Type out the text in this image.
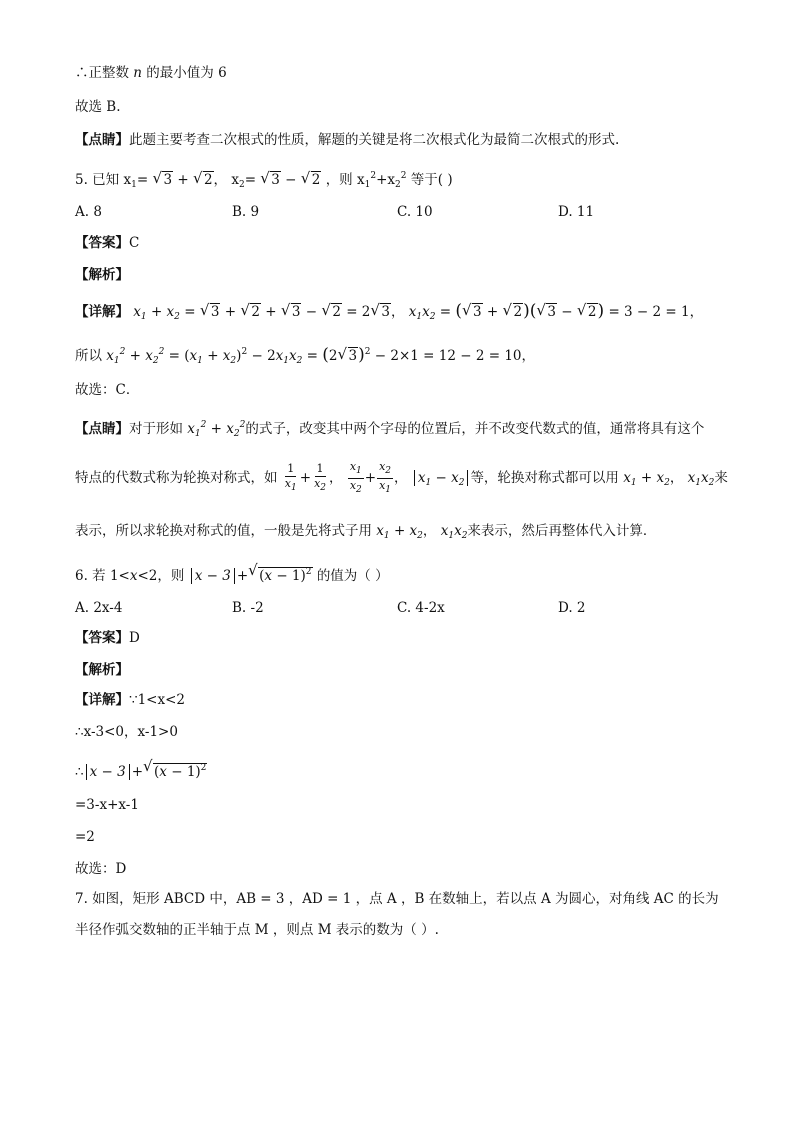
∴正整数 n 的最小值为 6
故选 B.
【点睛】此题主要考查二次根式的性质，解题的关键是将二次根式化为最简二次根式的形式.
5. 已知 $x_1=$ √ 3 + √ 2， $x_2=$ √ 3 − √ 2 ，则 $x_1^2+x_2^2$ 等于( )
A. 8	B. 9	C. 10	D. 11
【答案】C
【解析】
【详解】 $x_1 + x_2$ = √ 3 + √ 2 + √ 3 − √ 2 = 2√ 3， $x_1x_2$ = (√ 3 + √ 2)(√ 3 − √ 2) = 3 − 2 = 1，
所以 $x_1^2 + x_2^2 = (x_1 + x_2)^2 - 2x_1x_2 = (2√$ 3)$^2$ − 2×1 = 12 − 2 = 10，
故选：C．
【点睛】对于形如 $x_1^2 + x_2^2$的式子，改变其中两个字母的位置后，并不改变代数式的值，通常将具有这个
特点的代数式称为轮换对称式，如 $\frac{1}{x_1} + \frac{1}{x_2}$ ， $\frac{x_1}{x_2} + \frac{x_2}{x_1}$ ， $x_1 - x_2$ 等，轮换对称式都可以用 $x_1 + x_2$， $x_1x_2$来
表示，所以求轮换对称式的值，一般是先将式子用 $x_1 + x_2$， $x_1x_2$来表示，然后再整体代入计算．
6. 若 1<x<2，则 x − 3 +√ $(x - 1)^2$ 的值为（ ）
A. 2x-4	B. -2	C. 4-2x	D. 2
【答案】D
【解析】
【详解】∵1<x<2
∴x-3<0，x-1>0
∴ x − 3 +√ $(x - 1)^2$
=3-x+x-1
=2
故选：D
7. 如图，矩形 ABCD 中，AB = 3 ，AD = 1 ，点 A ，B 在数轴上，若以点 A 为圆心，对角线 AC 的长为
半径作弧交数轴的正半轴于点 M ，则点 M 表示的数为（ ）.
